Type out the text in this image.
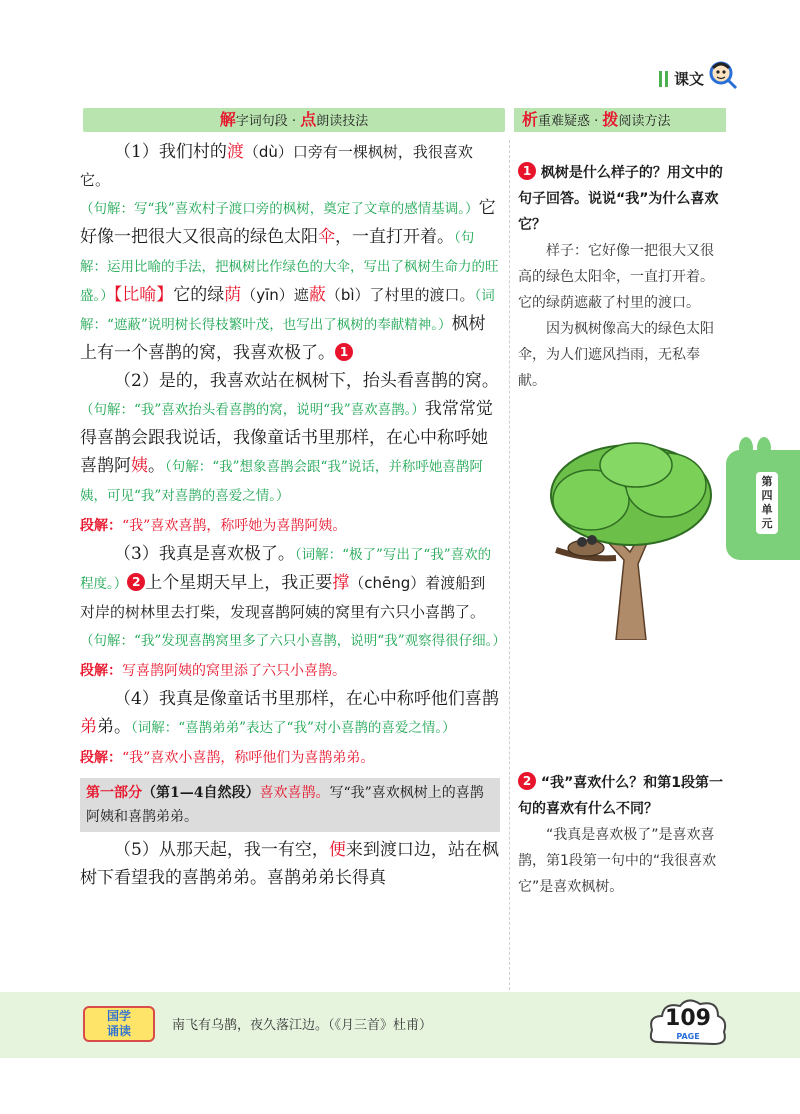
课文
解字词句段 · 点朗读技法	析重难疑惑 · 拨阅读方法

（1）我们村的渡（dù）口旁有一棵枫树，我很喜欢它。（句解：写“我”喜欢村子渡口旁的枫树，奠定了文章的感情基调。）它好像一把很大又很高的绿色太阳伞，一直打开着。（句解：运用比喻的手法，把枫树比作绿色的大伞，写出了枫树生命力的旺盛。）【比喻】它的绿荫（yīn）遮蔽（bì）了村里的渡口。（词解：“遮蔽”说明树长得枝繁叶茂，也写出了枫树的奉献精神。）枫树上有一个喜鹊的窝，我喜欢极了。 1

（2）是的，我喜欢站在枫树下，抬头看喜鹊的窝。（句解：“我”喜欢抬头看喜鹊的窝，说明“我”喜欢喜鹊。）我常常觉得喜鹊会跟我说话，我像童话书里那样，在心中称呼她喜鹊阿姨。（句解：“我”想象喜鹊会跟“我”说话，并称呼她喜鹊阿姨，可见“我”对喜鹊的喜爱之情。）

段解：“我”喜欢喜鹊，称呼她为喜鹊阿姨。

（3）我真是喜欢极了。（词解：“极了”写出了“我”喜欢的程度。） 2 上个星期天早上，我正要撑（chēng）着渡船到对岸的树林里去打柴，发现喜鹊阿姨的窝里有六只小喜鹊了。（句解：“我”发现喜鹊窝里多了六只小喜鹊，说明“我”观察得很仔细。）

段解：写喜鹊阿姨的窝里添了六只小喜鹊。

（4）我真是像童话书里那样，在心中称呼他们喜鹊弟弟。（词解：“喜鹊弟弟”表达了“我”对小喜鹊的喜爱之情。）

段解：“我”喜欢小喜鹊，称呼他们为喜鹊弟弟。

第一部分（第1—4自然段）喜欢喜鹊。写“我”喜欢枫树上的喜鹊阿姨和喜鹊弟弟。

（5）从那天起，我一有空，便来到渡口边，站在枫树下看望我的喜鹊弟弟。喜鹊弟弟长得真

1 枫树是什么样子的？用文中的句子回答。说说“我”为什么喜欢它？

样子：它好像一把很大又很高的绿色太阳伞，一直打开着。它的绿荫遮蔽了村里的渡口。

因为枫树像高大的绿色太阳伞，为人们遮风挡雨，无私奉献。

2 “我”喜欢什么？和第1段第一句的喜欢有什么不同？

“我真是喜欢极了”是喜欢喜鹊，第1段第一句中的“我很喜欢它”是喜欢枫树。

第
四
单
元
国学
诵读	南飞有乌鹊，夜久落江边。（《月三首》杜甫）	109
PAGE
